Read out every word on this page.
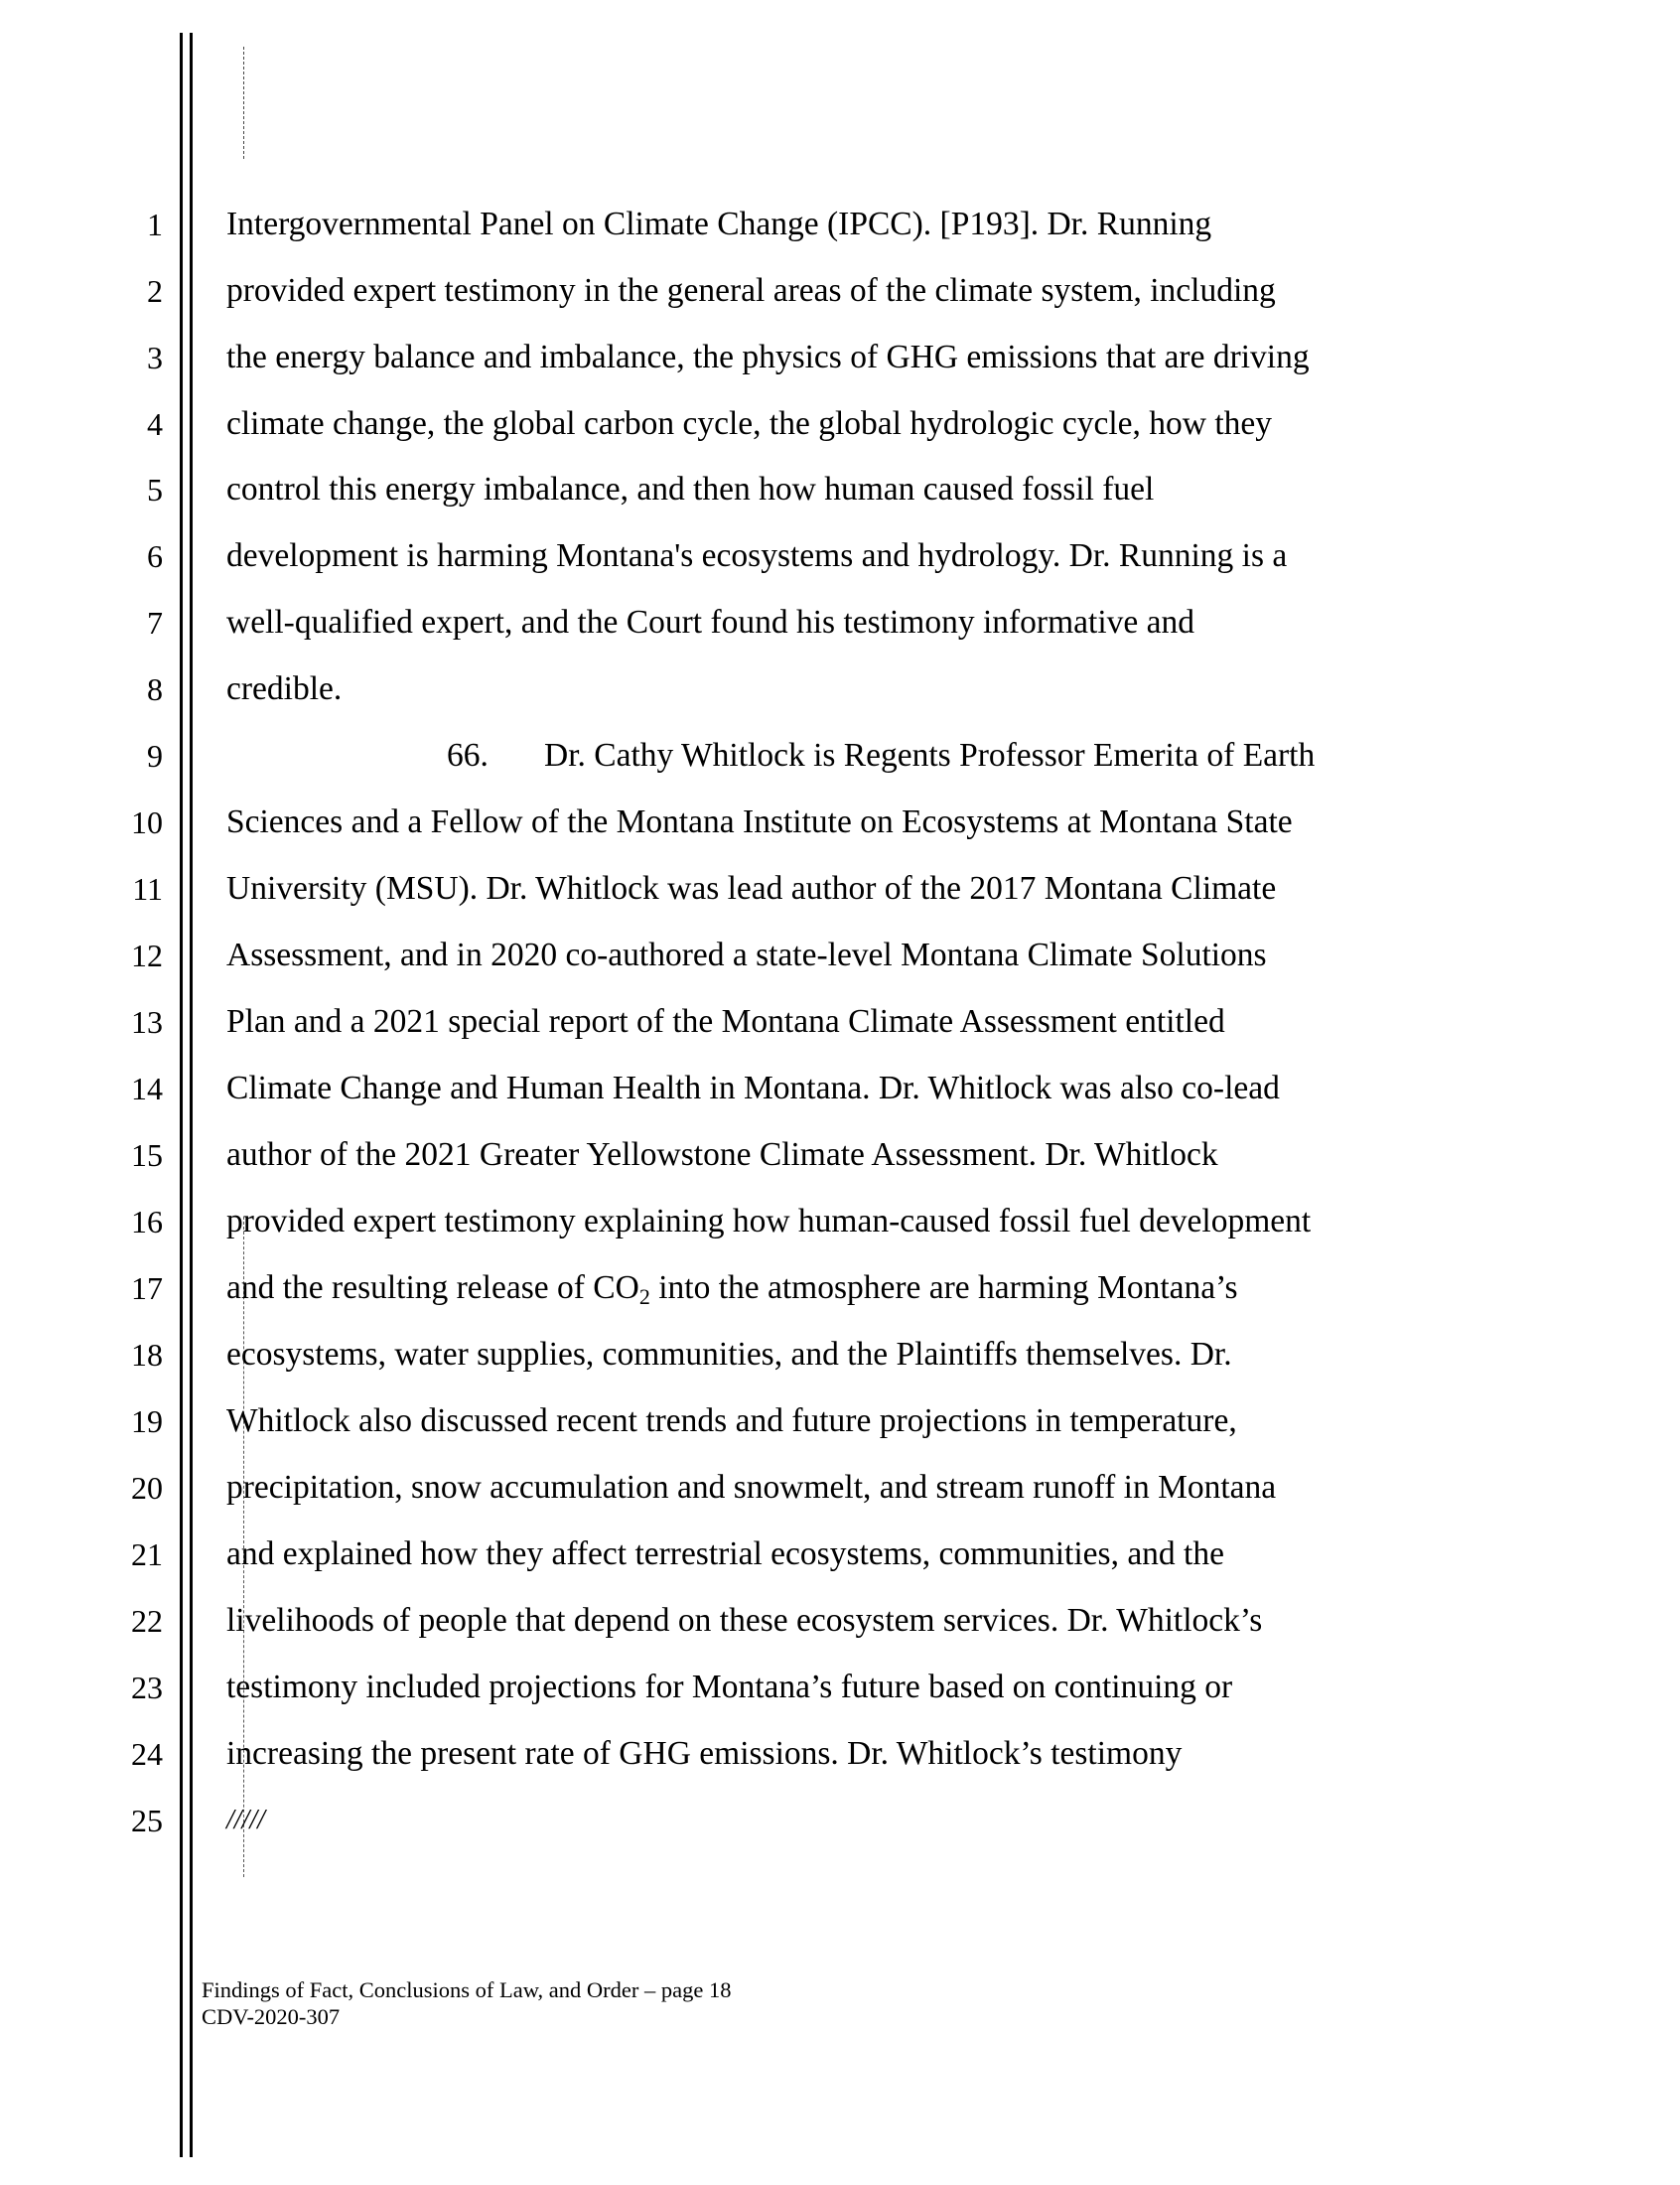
1
2
3
4
5
6
7
8
9
10
11
12
13
14
15
16
17
18
19
20
21
22
23
24
25
Intergovernmental Panel on Climate Change (IPCC). [P193]. Dr. Running
provided expert testimony in the general areas of the climate system, including
the energy balance and imbalance, the physics of GHG emissions that are driving
climate change, the global carbon cycle, the global hydrologic cycle, how they
control this energy imbalance, and then how human caused fossil fuel
development is harming Montana's ecosystems and hydrology. Dr. Running is a
well-qualified expert, and the Court found his testimony informative and
credible.
66. Dr. Cathy Whitlock is Regents Professor Emerita of Earth
Sciences and a Fellow of the Montana Institute on Ecosystems at Montana State
University (MSU). Dr. Whitlock was lead author of the 2017 Montana Climate
Assessment, and in 2020 co-authored a state-level Montana Climate Solutions
Plan and a 2021 special report of the Montana Climate Assessment entitled
Climate Change and Human Health in Montana. Dr. Whitlock was also co-lead
author of the 2021 Greater Yellowstone Climate Assessment. Dr. Whitlock
provided expert testimony explaining how human-caused fossil fuel development
and the resulting release of $CO_2$ into the atmosphere are harming Montana’s
ecosystems, water supplies, communities, and the Plaintiffs themselves. Dr.
Whitlock also discussed recent trends and future projections in temperature,
precipitation, snow accumulation and snowmelt, and stream runoff in Montana
and explained how they affect terrestrial ecosystems, communities, and the
livelihoods of people that depend on these ecosystem services. Dr. Whitlock’s
testimony included projections for Montana’s future based on continuing or
increasing the present rate of GHG emissions. Dr. Whitlock’s testimony
/////
Findings of Fact, Conclusions of Law, and Order – page 18
CDV-2020-307
